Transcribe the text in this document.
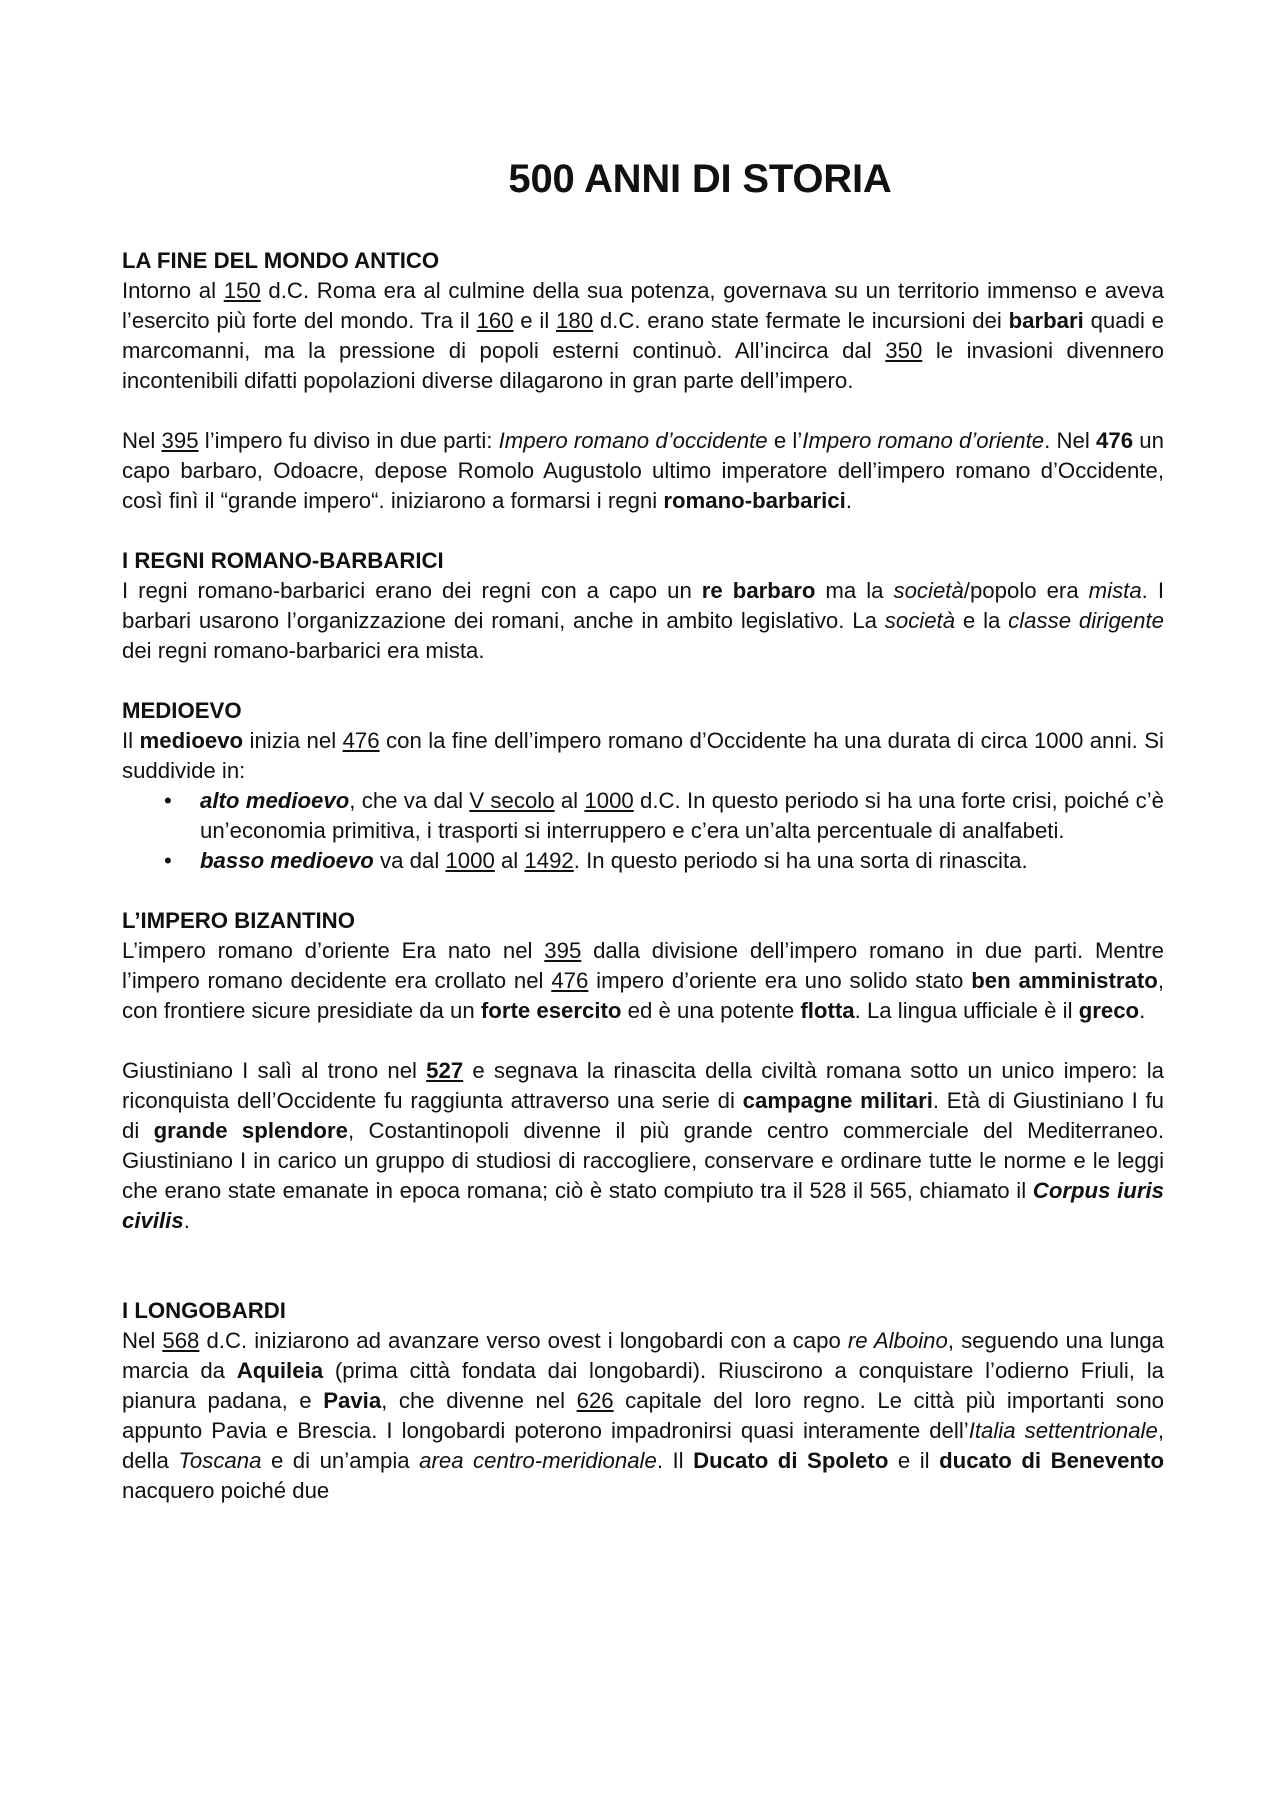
500 ANNI DI STORIA
LA FINE DEL MONDO ANTICO

Intorno al 150 d.C. Roma era al culmine della sua potenza, governava su un territorio immenso e aveva l’esercito più forte del mondo. Tra il 160 e il 180 d.C. erano state fermate le incursioni dei barbari quadi e marcomanni, ma la pressione di popoli esterni continuò. All’incirca dal 350 le invasioni divennero incontenibili difatti popolazioni diverse dilagarono in gran parte dell’impero.

Nel 395 l’impero fu diviso in due parti: Impero romano d’occidente e l’Impero romano d’oriente. Nel 476 un capo barbaro, Odoacre, depose Romolo Augustolo ultimo imperatore dell’impero romano d’Occidente, così finì il “grande impero“. iniziarono a formarsi i regni romano-barbarici.

I REGNI ROMANO-BARBARICI

I regni romano-barbarici erano dei regni con a capo un re barbaro ma la società/popolo era mista. I barbari usarono l’organizzazione dei romani, anche in ambito legislativo. La società e la classe dirigente dei regni romano-barbarici era mista.

MEDIOEVO

Il medioevo inizia nel 476 con la fine dell’impero romano d’Occidente ha una durata di circa 1000 anni. Si suddivide in:

• alto medioevo, che va dal V secolo al 1000 d.C. In questo periodo si ha una forte crisi, poiché c’è un’economia primitiva, i trasporti si interruppero e c’era un’alta percentuale di analfabeti.
• basso medioevo va dal 1000 al 1492. In questo periodo si ha una sorta di rinascita.
L’IMPERO BIZANTINO

L’impero romano d’oriente Era nato nel 395 dalla divisione dell’impero romano in due parti. Mentre l’impero romano decidente era crollato nel 476 impero d’oriente era uno solido stato ben amministrato, con frontiere sicure presidiate da un forte esercito ed è una potente flotta. La lingua ufficiale è il greco.

Giustiniano I salì al trono nel 527 e segnava la rinascita della civiltà romana sotto un unico impero: la riconquista dell’Occidente fu raggiunta attraverso una serie di campagne militari. Età di Giustiniano I fu di grande splendore, Costantinopoli divenne il più grande centro commerciale del Mediterraneo. Giustiniano I in carico un gruppo di studiosi di raccogliere, conservare e ordinare tutte le norme e le leggi che erano state emanate in epoca romana; ciò è stato compiuto tra il 528 il 565, chiamato il Corpus iuris civilis.

I LONGOBARDI

Nel 568 d.C. iniziarono ad avanzare verso ovest i longobardi con a capo re Alboino, seguendo una lunga marcia da Aquileia (prima città fondata dai longobardi). Riuscirono a conquistare l’odierno Friuli, la pianura padana, e Pavia, che divenne nel 626 capitale del loro regno. Le città più importanti sono appunto Pavia e Brescia. I longobardi poterono impadronirsi quasi interamente dell’Italia settentrionale, della Toscana e di un’ampia area centro-meridionale. Il Ducato di Spoleto e il ducato di Benevento nacquero poiché due
